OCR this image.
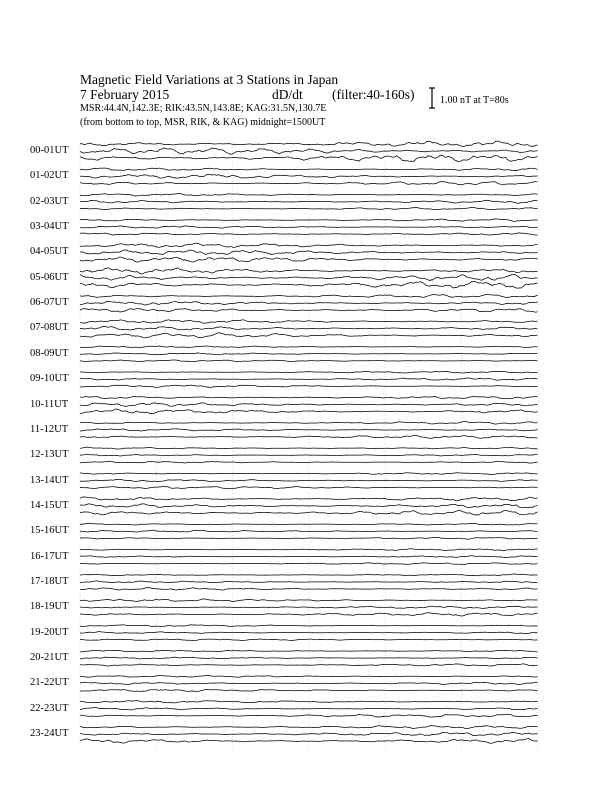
Magnetic Field Variations at 3 Stations in Japan
7 February 2015	dD/dt (filter:40-160s)
MSR:44.4N,142.3E; RIK:43.5N,143.8E; KAG:31.5N,130.7E
(from bottom to top, MSR, RIK, & KAG) midnight=1500UT
1.00 nT at T=80s
00-01UT
01-02UT
02-03UT
03-04UT
04-05UT
05-06UT
06-07UT
07-08UT
08-09UT
09-10UT
10-11UT
11-12UT
12-13UT
13-14UT
14-15UT
15-16UT
16-17UT
17-18UT
18-19UT
19-20UT
20-21UT
21-22UT
22-23UT
23-24UT
